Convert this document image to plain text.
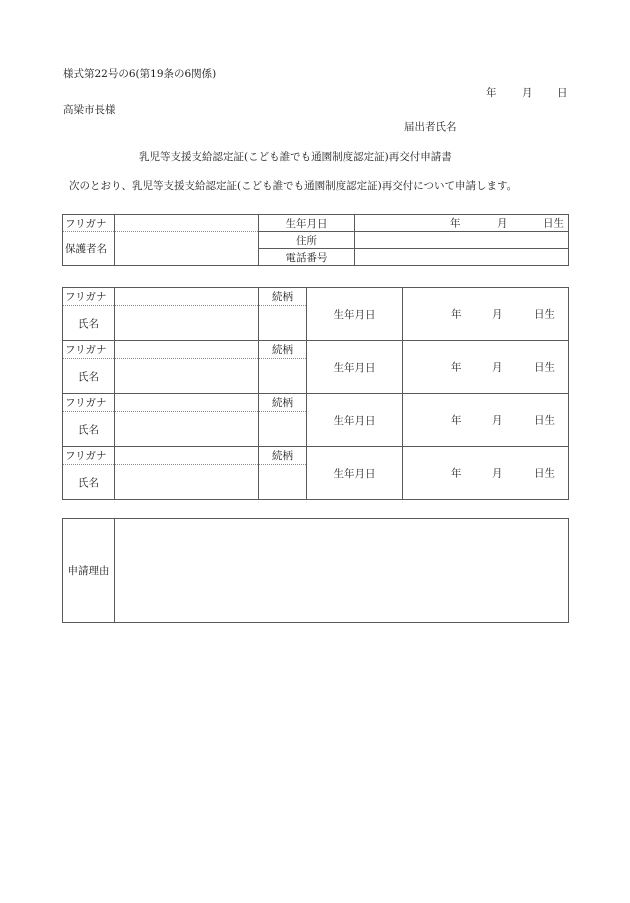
様式第22号の6(第19条の6関係)
年 月 日
高梁市長様
届出者氏名
乳児等支援支給認定証(こども誰でも通園制度認定証)再交付申請書
次のとおり、乳児等支援支給認定証(こども誰でも通園制度認定証)再交付について申請します。
フリガナ		生年月日	年 月 日生

保護者名		住所	
		電話番号	
フリガナ		続柄	生年月日	年 月 日生

氏名				
フリガナ		続柄	生年月日	年 月 日生

氏名				
フリガナ		続柄	生年月日	年 月 日生

氏名				
フリガナ		続柄	生年月日	年 月 日生

氏名				
申請理由	
